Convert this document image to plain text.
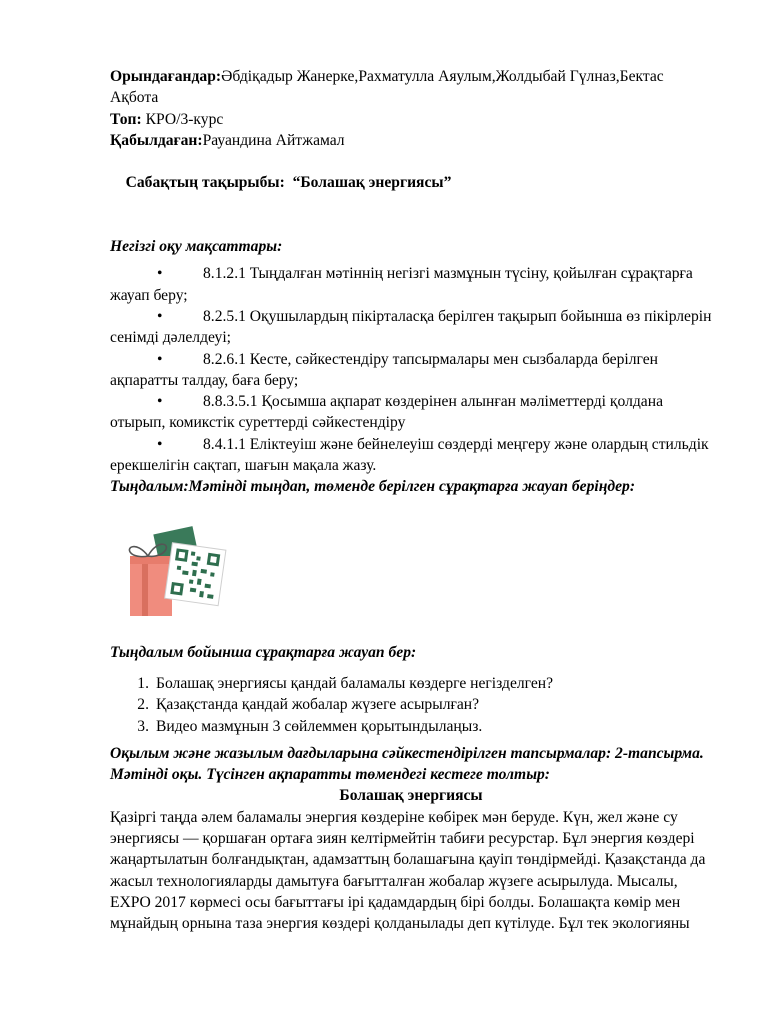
Орындағандар:Әбдіқадыр Жанерке,Рахматулла Аяулым,Жолдыбай Гүлназ,Бектас Ақбота

Топ: КРО/3-курс

Қабылдаған:Рауандина Айтжамал

Сабақтың тақырыбы:  “Болашақ энергиясы”

Негізгі оқу мақсаттары:

•8.1.2.1 Тыңдалған мәтіннің негізгі мазмұнын түсіну, қойылған сұрақтарға жауап беру;

•8.2.5.1 Оқушылардың пікірталасқа берілген тақырып бойынша өз пікірлерін сенімді дәлелдеуі;

•8.2.6.1 Кесте, сәйкестендіру тапсырмалары мен сызбаларда берілген ақпаратты талдау, баға беру;

•8.8.3.5.1 Қосымша ақпарат көздерінен алынған мәліметтерді қолдана отырып, комикстік суреттерді сәйкестендіру

•8.4.1.1 Еліктеуіш және бейнелеуіш сөздерді меңгеру және олардың стильдік ерекшелігін сақтап, шағын мақала жазу.

Тыңдалым:Мәтінді тыңдап, төменде берілген сұрақтарға жауап беріңдер:

Тыңдалым бойынша сұрақтарға жауап бер:

1. Болашақ энергиясы қандай баламалы көздерге негізделген?
2. Қазақстанда қандай жобалар жүзеге асырылған?
3. Видео мазмұнын 3 сөйлеммен қорытындылаңыз.

Оқылым және жазылым дағдыларына сәйкестендірілген тапсырмалар: 2-тапсырма. Мәтінді оқы. Түсінген ақпаратты төмендегі кестеге толтыр:

Болашақ энергиясы

Қазіргі таңда әлем баламалы энергия көздеріне көбірек мән беруде. Күн, жел және су энергиясы — қоршаған ортаға зиян келтірмейтін табиғи ресурстар. Бұл энергия көздері жаңартылатын болғандықтан, адамзаттың болашағына қауіп төндірмейді. Қазақстанда да жасыл технологияларды дамытуға бағытталған жобалар жүзеге асырылуда. Мысалы, EXPO 2017 көрмесі осы бағыттағы ірі қадамдардың бірі болды. Болашақта көмір мен мұнайдың орнына таза энергия көздері қолданылады деп күтілуде. Бұл тек экологияны
